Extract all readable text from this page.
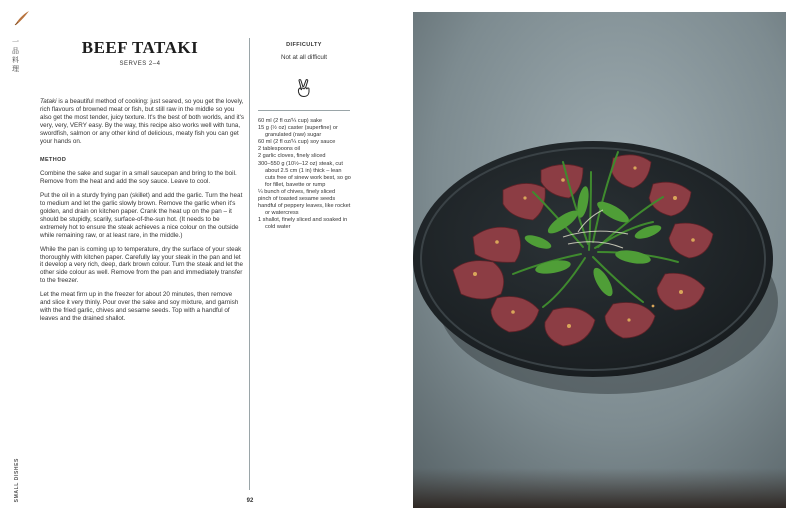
一品料理
SMALL DISHES
BEEF TATAKI
SERVES 2–4

Tataki is a beautiful method of cooking: just seared, so you get the lovely, rich flavours of browned meat or fish, but still raw in the middle so you also get the most tender, juicy texture. It's the best of both worlds, and it's very, very, VERY easy. By the way, this recipe also works well with tuna, swordfish, salmon or any other kind of delicious, meaty fish you can get your hands on.

METHOD

Combine the sake and sugar in a small saucepan and bring to the boil. Remove from the heat and add the soy sauce. Leave to cool.

Put the oil in a sturdy frying pan (skillet) and add the garlic. Turn the heat to medium and let the garlic slowly brown. Remove the garlic when it's golden, and drain on kitchen paper. Crank the heat up on the pan – it should be stupidly, scarily, surface-of-the-sun hot. (It needs to be extremely hot to ensure the steak achieves a nice colour on the outside while remaining raw, or at least rare, in the middle.)

While the pan is coming up to temperature, dry the surface of your steak thoroughly with kitchen paper. Carefully lay your steak in the pan and let it develop a very rich, deep, dark brown colour. Turn the steak and let the other side colour as well. Remove from the pan and immediately transfer to the freezer.

Let the meat firm up in the freezer for about 20 minutes, then remove and slice it very thinly. Pour over the sake and soy mixture, and garnish with the fried garlic, chives and sesame seeds. Top with a handful of leaves and the drained shallot.

DIFFICULTY
Not at all difficult
60 ml (2 fl oz/¼ cup) sake
15 g (½ oz) caster (superfine) or granulated (raw) sugar
60 ml (2 fl oz/¼ cup) soy sauce
2 tablespoons oil
2 garlic cloves, finely sliced
300–550 g (10½–12 oz) steak, cut about 2.5 cm (1 in) thick – lean cuts free of sinew work best, so go for fillet, bavette or rump
¼ bunch of chives, finely sliced
pinch of toasted sesame seeds
handful of peppery leaves, like rocket or watercress
1 shallot, finely sliced and soaked in cold water
92
